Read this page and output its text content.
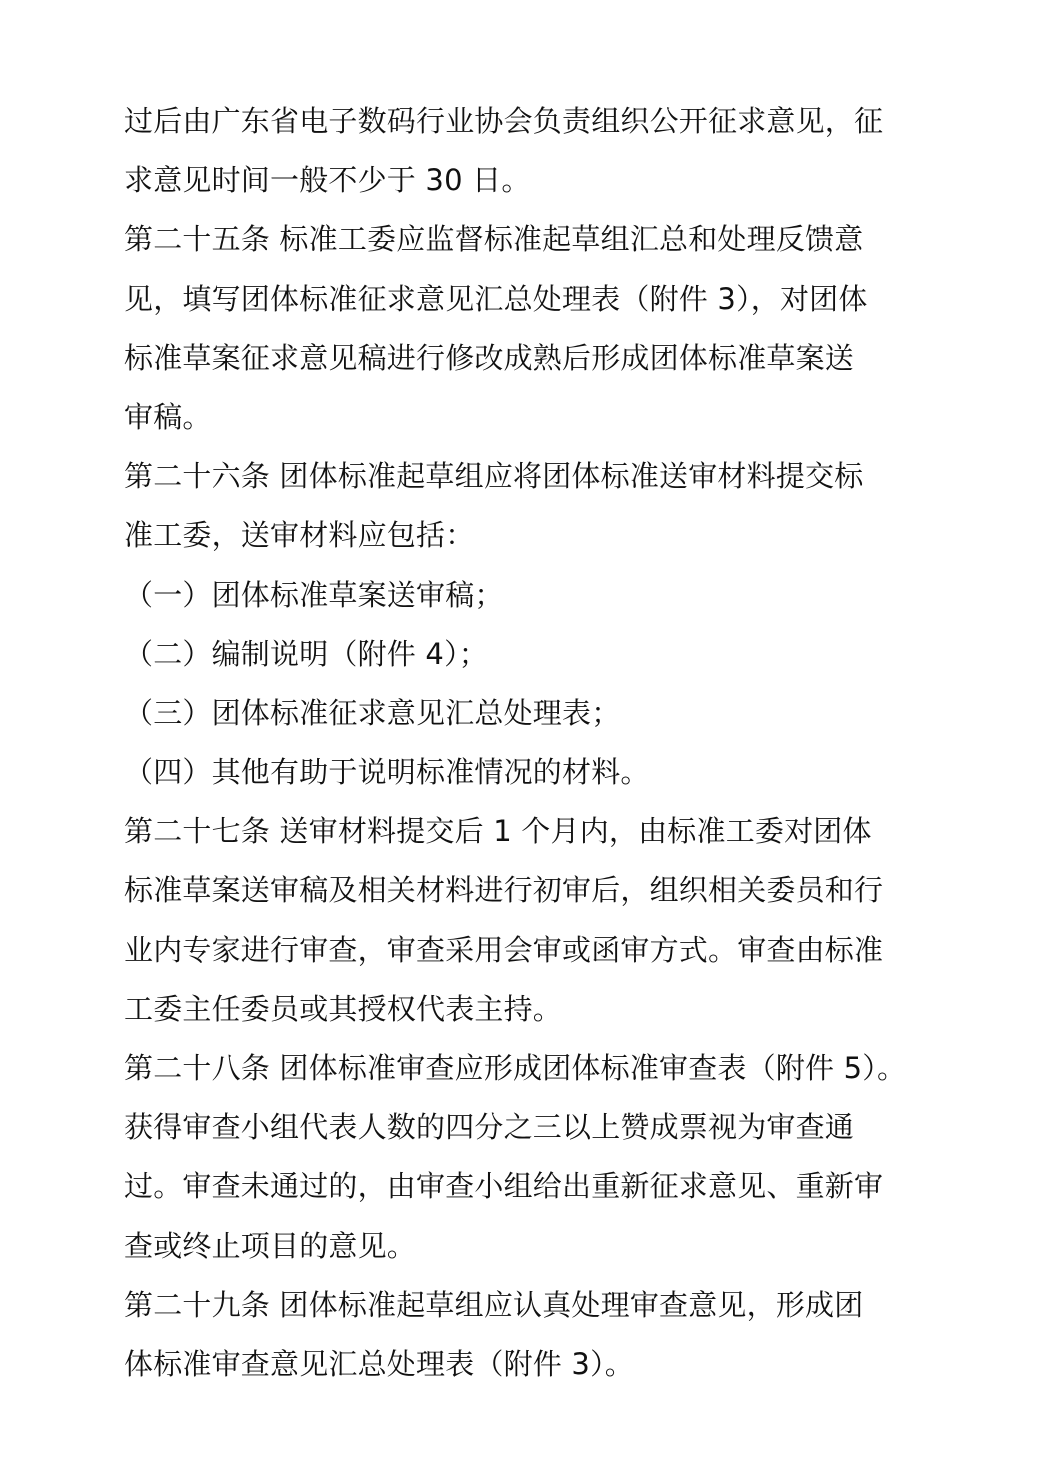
过后由广东省电子数码行业协会负责组织公开征求意见，征
求意见时间一般不少于 30 日。
第二十五条 标准工委应监督标准起草组汇总和处理反馈意
见，填写团体标准征求意见汇总处理表（附件 3），对团体
标准草案征求意见稿进行修改成熟后形成团体标准草案送
审稿。
第二十六条 团体标准起草组应将团体标准送审材料提交标
准工委，送审材料应包括：
（一）团体标准草案送审稿；
（二）编制说明（附件 4）；
（三）团体标准征求意见汇总处理表；
（四）其他有助于说明标准情况的材料。
第二十七条 送审材料提交后 1 个月内，由标准工委对团体
标准草案送审稿及相关材料进行初审后，组织相关委员和行
业内专家进行审查，审查采用会审或函审方式。审查由标准
工委主任委员或其授权代表主持。
第二十八条 团体标准审查应形成团体标准审查表（附件 5）。
获得审查小组代表人数的四分之三以上赞成票视为审查通
过。审查未通过的，由审查小组给出重新征求意见、重新审
查或终止项目的意见。
第二十九条 团体标准起草组应认真处理审查意见，形成团
体标准审查意见汇总处理表（附件 3）。
